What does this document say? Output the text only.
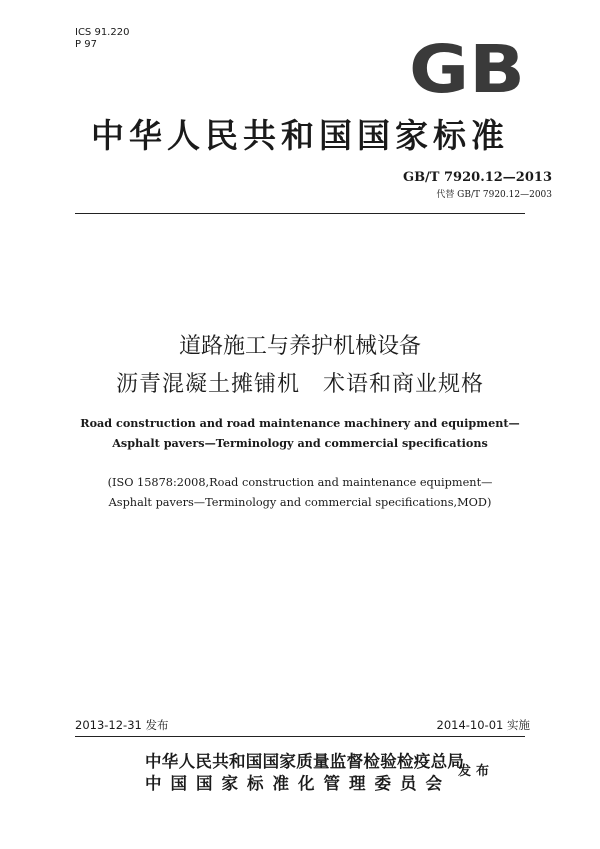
ICS 91.220
P 97	GB
中华人民共和国国家标准
GB/T 7920.12—2013
代替 GB/T 7920.12—2003
道路施工与养护机械设备
沥青混凝土摊铺机　术语和商业规格
Road construction and road maintenance machinery and equipment—
Asphalt pavers—Terminology and commercial specifications
(ISO 15878:2008,Road construction and maintenance equipment—
Asphalt pavers—Terminology and commercial specifications,MOD)
2013-12-31 发布	2014-10-01 实施
中华人民共和国国家质量监督检验检疫总局
中国国家标准化管理委员会
发布
